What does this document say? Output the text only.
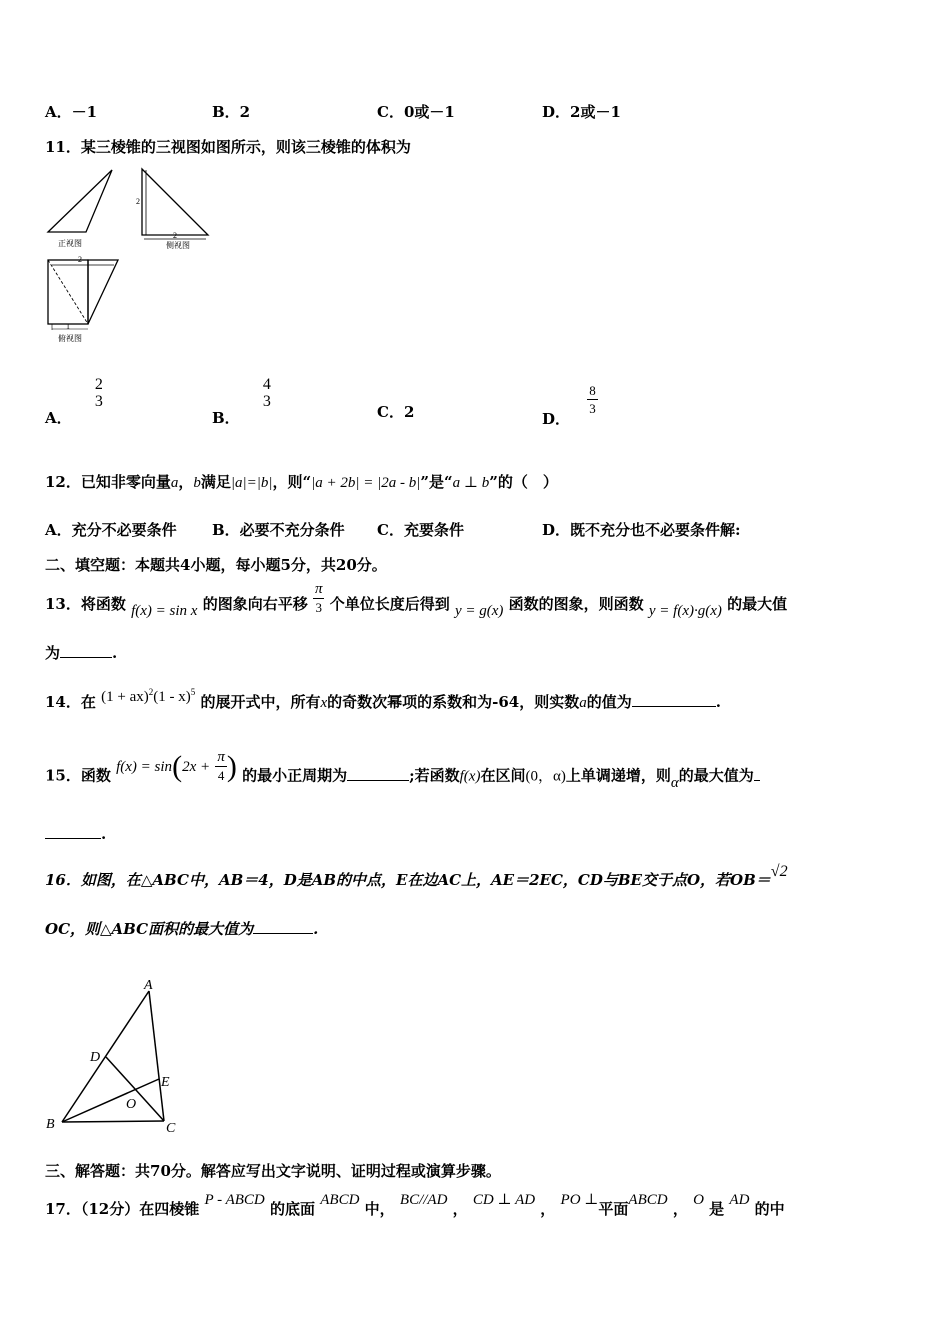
A．－1	B．2	C．0或－1	D．2或－1
11．某三棱锥的三视图如图所示，则该三棱锥的体积为
正视图
2
2
侧视图
2
1
俯视图
A．
2
3
B．
4
3
C．2	D．
$\frac{8}{3}$
12．已知非零向量a，b满足|a|=|b|，则“|a + 2b| = |2a - b|”是“a ⊥ b”的（　）
A．充分不必要条件 B．必要不充分条件 C．充要条件	D．既不充分也不必要条件解:
二、填空题：本题共4小题，每小题5分，共20分。
13．将函数 f(x) = sin x 的图象向右平移 $\frac{\pi}{3}$ 个单位长度后得到 y = g(x) 函数的图象，则函数 y = f(x)·g(x) 的最大值
为	.
14．在 (1 + ax)$^2$(1 - x)$^5$ 的展开式中，所有x的奇数次幂项的系数和为-64，则实数a的值为	.
15．函数 $f(x) = \sin(2x + \frac{\pi}{4}$ ) 的最小正周期为	;若函数f(x)在区间(0，α)上单调递增，则α的最大值为
.
16．如图，在△ABC中，AB＝4，D是AB的中点，E在边AC上，AE＝2EC，CD与BE交于点O，若OB＝√2
OC，则△ABC面积的最大值为	.
A
B	C
D
E
O
三、解答题：共70分。解答应写出文字说明、证明过程或演算步骤。
17．（12分）在四棱锥 P - ABCD 的底面 ABCD 中， BC//AD ， CD ⊥ AD ， PO ⊥平面ABCD ， O 是 AD 的中
